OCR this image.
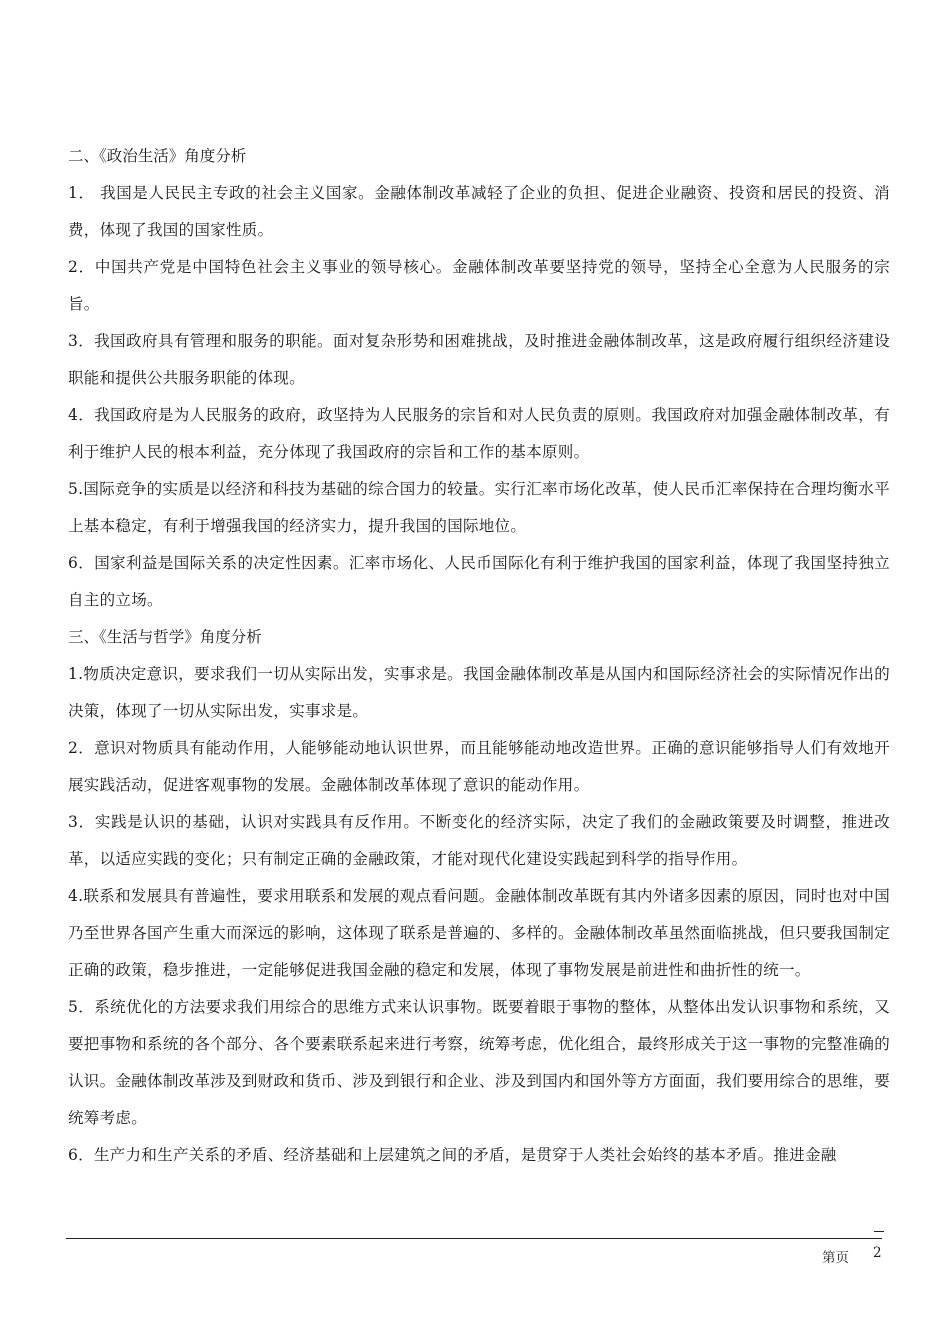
二、《政治生活》角度分析

1． 我国是人民民主专政的社会主义国家。金融体制改革减轻了企业的负担、促进企业融资、投资和居民的投资、消费，体现了我国的国家性质。

2．中国共产党是中国特色社会主义事业的领导核心。金融体制改革要坚持党的领导，坚持全心全意为人民服务的宗旨。

3．我国政府具有管理和服务的职能。面对复杂形势和困难挑战，及时推进金融体制改革，这是政府履行组织经济建设职能和提供公共服务职能的体现。

4．我国政府是为人民服务的政府，政坚持为人民服务的宗旨和对人民负责的原则。我国政府对加强金融体制改革，有利于维护人民的根本利益，充分体现了我国政府的宗旨和工作的基本原则。

5.国际竞争的实质是以经济和科技为基础的综合国力的较量。实行汇率市场化改革，使人民币汇率保持在合理均衡水平上基本稳定，有利于增强我国的经济实力，提升我国的国际地位。

6．国家利益是国际关系的决定性因素。汇率市场化、人民币国际化有利于维护我国的国家利益，体现了我国坚持独立自主的立场。

三、《生活与哲学》角度分析

1.物质决定意识，要求我们一切从实际出发，实事求是。我国金融体制改革是从国内和国际经济社会的实际情况作出的决策，体现了一切从实际出发，实事求是。

2．意识对物质具有能动作用，人能够能动地认识世界，而且能够能动地改造世界。正确的意识能够指导人们有效地开展实践活动，促进客观事物的发展。金融体制改革体现了意识的能动作用。

3．实践是认识的基础，认识对实践具有反作用。不断变化的经济实际，决定了我们的金融政策要及时调整，推进改革，以适应实践的变化；只有制定正确的金融政策，才能对现代化建设实践起到科学的指导作用。

4.联系和发展具有普遍性，要求用联系和发展的观点看问题。金融体制改革既有其内外诸多因素的原因，同时也对中国乃至世界各国产生重大而深远的影响，这体现了联系是普遍的、多样的。金融体制改革虽然面临挑战，但只要我国制定正确的政策，稳步推进，一定能够促进我国金融的稳定和发展，体现了事物发展是前进性和曲折性的统一。

5．系统优化的方法要求我们用综合的思维方式来认识事物。既要着眼于事物的整体，从整体出发认识事物和系统，又要把事物和系统的各个部分、各个要素联系起来进行考察，统筹考虑，优化组合，最终形成关于这一事物的完整准确的认识。金融体制改革涉及到财政和货币、涉及到银行和企业、涉及到国内和国外等方方面面，我们要用综合的思维，要统筹考虑。

6．生产力和生产关系的矛盾、经济基础和上层建筑之间的矛盾，是贯穿于人类社会始终的基本矛盾。推进金融

第页 2
